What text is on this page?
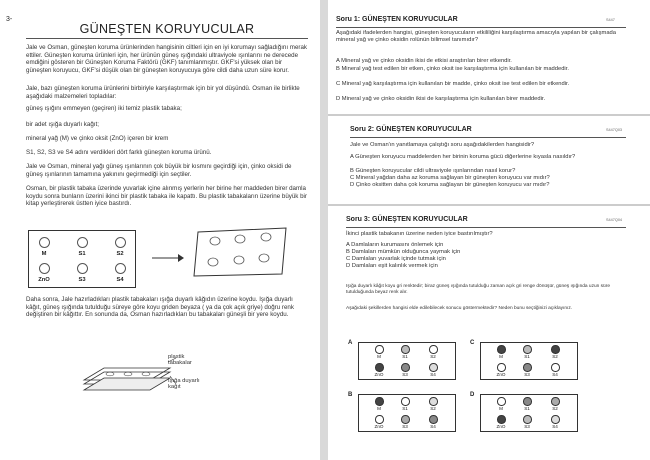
3-
GÜNEŞTEN KORUYUCULAR
Jale ve Osman, güneşten koruma ürünlerinden hangisinin ciltleri için en iyi korumayı sağladığını merak ettiler. Güneşten koruma ürünleri için, her ürünün güneş ışığındaki ultraviyole ışınlarını ne derecede emdiğini gösteren bir Güneşten Koruma Faktörü (GKF) tanımlanmıştır. GKF'si yüksek olan bir güneşten koruyucu, GKF'si düşük olan bir güneşten koruyucuya göre cildi daha uzun süre korur.
Jale, bazı güneşten koruma ürünlerini birbiriyle karşılaştırmak için bir yol düşündü. Osman ile birlikte aşağıdaki malzemeleri topladılar:
güneş ışığını emmeyen (geçiren) iki temiz plastik tabaka;
bir adet ışığa duyarlı kağıt;
mineral yağ (M) ve çinko oksit (ZnO) içeren bir krem
S1, S2, S3 ve S4 adını verdikleri dört farklı güneşten koruma ürünü.
Jale ve Osman, mineral yağı güneş ışınlarının çok büyük bir kısmını geçirdiği için, çinko oksidi de güneş ışınlarının tamamına yakınını geçirmediği için seçtiler.
Osman, bir plastik tabaka üzerinde yuvarlak içine alınmış yerlerin her birine her maddeden birer damla koydu sonra bunların üzerini ikinci bir plastik tabaka ile kapattı. Bu plastik tabakaların üzerine büyük bir kitap yerleştirerek üstten iyice bastırdı.
M	S1	S2
ZnO	S3	S4
Daha sonra, Jale hazırladıkları plastik tabakaları ışığa duyarlı kâğıdın üzerine koydu. Işığa duyarlı kâğıt, güneş ışığında tutulduğu süreye göre koyu griden beyaza ( ya da çok açık griye) doğru renk değiştiren bir kâğıttır. En sonunda da, Osman hazırladıkları bu tabakaları güneşli bir yere koydu.
plastik tabakalar
Işığa duyarlı kağıt
Soru 1: GÜNEŞTEN KORUYUCULAR	S447
Aşağıdaki ifadelerden hangisi, güneşten koruyucuların etkililiğini karşılaştırma amacıyla yapılan bir çalışmada mineral yağ ve çinko oksidin rolünün bilimsel tanımıdır?
A Mineral yağ ve çinko oksidin ikisi de etkisi araştırılan birer etkendir.
B Mineral yağ test edilen bir etken, çinko oksit ise karşılaştırma için kullanılan bir maddedir.
C Mineral yağ karşılaştırma için kullanılan bir madde, çinko oksit ise test edilen bir etkendir.
D Mineral yağ ve çinko oksidin ikisi de karşılaştırma için kullanılan birer maddedir.
Soru 2: GÜNEŞTEN KORUYUCULAR	S447Q03
Jale ve Osman'ın yanıtlamaya çalıştığı soru aşağıdakilerden hangisidir?
A Güneşten koruyucu maddelerden her birinin koruma gücü diğerlerine kıyasla nasıldır?
B Güneşten koruyucular cildi ultraviyole ışınlarından nasıl korur?
C Mineral yağdan daha az koruma sağlayan bir güneşten koruyucu var mıdır?
D Çinko oksitten daha çok koruma sağlayan bir güneşten koruyucu var mıdır?
Soru 3: GÜNEŞTEN KORUYUCULAR	S447Q04
İkinci plastik tabakanın üzerine neden iyice bastırılmıştır?
A Damlaların kurumasını önlemek için
B Damlaları mümkün olduğunca yaymak için
C Damlaları yuvarlak içinde tutmak için
D Damlaları eşit kalınlık vermek için
Işığa duyarlı kâğıt koyu gri renktedir; biraz güneş ışığında tutulduğu zaman açık gri renge dönüşür, güneş ışığında uzun süre tutulduğunda beyaz renk alır.
Aşağıdaki şekillerden hangisi elde edilebilecek sonucu göstermektedir? Neden bunu seçtiğinizi açıklayınız.
A
M	S1	S2
ZnO	S3	S4
B
M	S1	S2
ZnO	S3	S4
C
M	S1	S2
ZnO	S3	S4
D
M	S1	S2
ZnO	S3	S4
